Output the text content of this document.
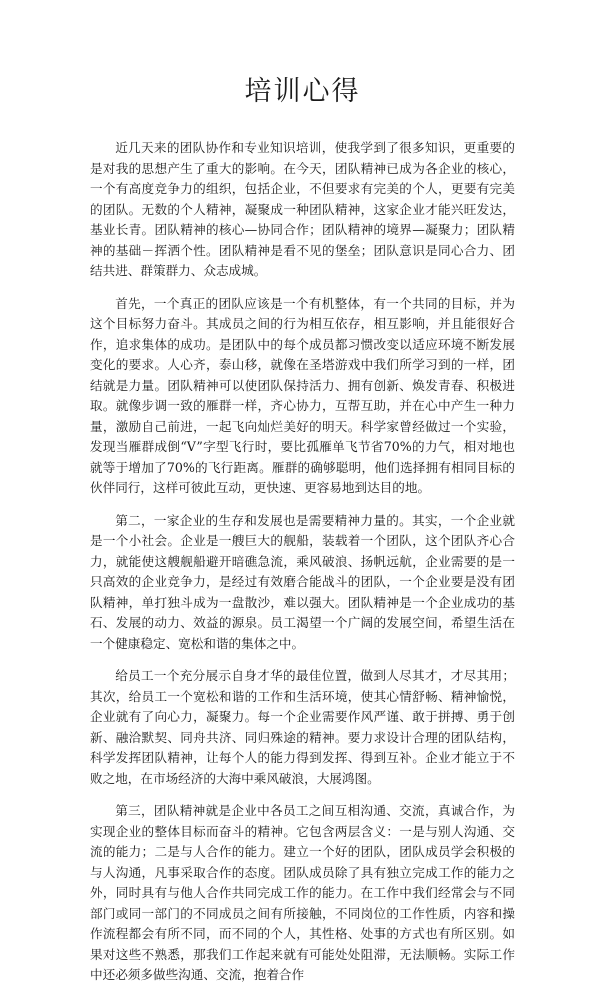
培训心得

近几天来的团队协作和专业知识培训，使我学到了很多知识，更重要的是对我的思想产生了重大的影响。在今天，团队精神已成为各企业的核心，一个有高度竞争力的组织，包括企业，不但要求有完美的个人，更要有完美的团队。无数的个人精神，凝聚成一种团队精神，这家企业才能兴旺发达，基业长青。团队精神的核心—协同合作；团队精神的境界—凝聚力；团队精神的基础－挥洒个性。团队精神是看不见的堡垒；团队意识是同心合力、团结共进、群策群力、众志成城。

首先，一个真正的团队应该是一个有机整体，有一个共同的目标，并为这个目标努力奋斗。其成员之间的行为相互依存，相互影响，并且能很好合作，追求集体的成功。是团队中的每个成员都习惯改变以适应环境不断发展变化的要求。人心齐，泰山移，就像在圣塔游戏中我们所学习到的一样，团结就是力量。团队精神可以使团队保持活力、拥有创新、焕发青春、积极进取。就像步调一致的雁群一样，齐心协力，互帮互助，并在心中产生一种力量，激励自己前进，一起飞向灿烂美好的明天。科学家曾经做过一个实验，发现当雁群成倒“V”字型飞行时，要比孤雁单飞节省70%的力气，相对地也就等于增加了70%的飞行距离。雁群的确够聪明，他们选择拥有相同目标的伙伴同行，这样可彼此互动，更快速、更容易地到达目的地。

第二，一家企业的生存和发展也是需要精神力量的。其实，一个企业就是一个小社会。企业是一艘巨大的舰船，装载着一个团队，这个团队齐心合力，就能使这艘舰船避开暗礁急流，乘风破浪、扬帆远航，企业需要的是一只高效的企业竞争力，是经过有效磨合能战斗的团队，一个企业要是没有团队精神，单打独斗成为一盘散沙，难以强大。团队精神是一个企业成功的基石、发展的动力、效益的源泉。员工渴望一个广阔的发展空间，希望生活在一个健康稳定、宽松和谐的集体之中。

给员工一个充分展示自身才华的最佳位置，做到人尽其才，才尽其用；其次，给员工一个宽松和谐的工作和生活环境，使其心情舒畅、精神愉悦，企业就有了向心力，凝聚力。每一个企业需要作风严谨、敢于拼搏、勇于创新、融洽默契、同舟共济、同归殊途的精神。要力求设计合理的团队结构，科学发挥团队精神，让每个人的能力得到发挥、得到互补。企业才能立于不败之地，在市场经济的大海中乘风破浪，大展鸿图。

第三，团队精神就是企业中各员工之间互相沟通、交流，真诚合作，为实现企业的整体目标而奋斗的精神。它包含两层含义：一是与别人沟通、交流的能力；二是与人合作的能力。建立一个好的团队，团队成员学会积极的与人沟通，凡事采取合作的态度。团队成员除了具有独立完成工作的能力之外，同时具有与他人合作共同完成工作的能力。在工作中我们经常会与不同部门或同一部门的不同成员之间有所接触，不同岗位的工作性质，内容和操作流程都会有所不同，而不同的个人，其性格、处事的方式也有所区别。如果对这些不熟悉，那我们工作起来就有可能处处阻滞，无法顺畅。实际工作中还必须多做些沟通、交流，抱着合作
